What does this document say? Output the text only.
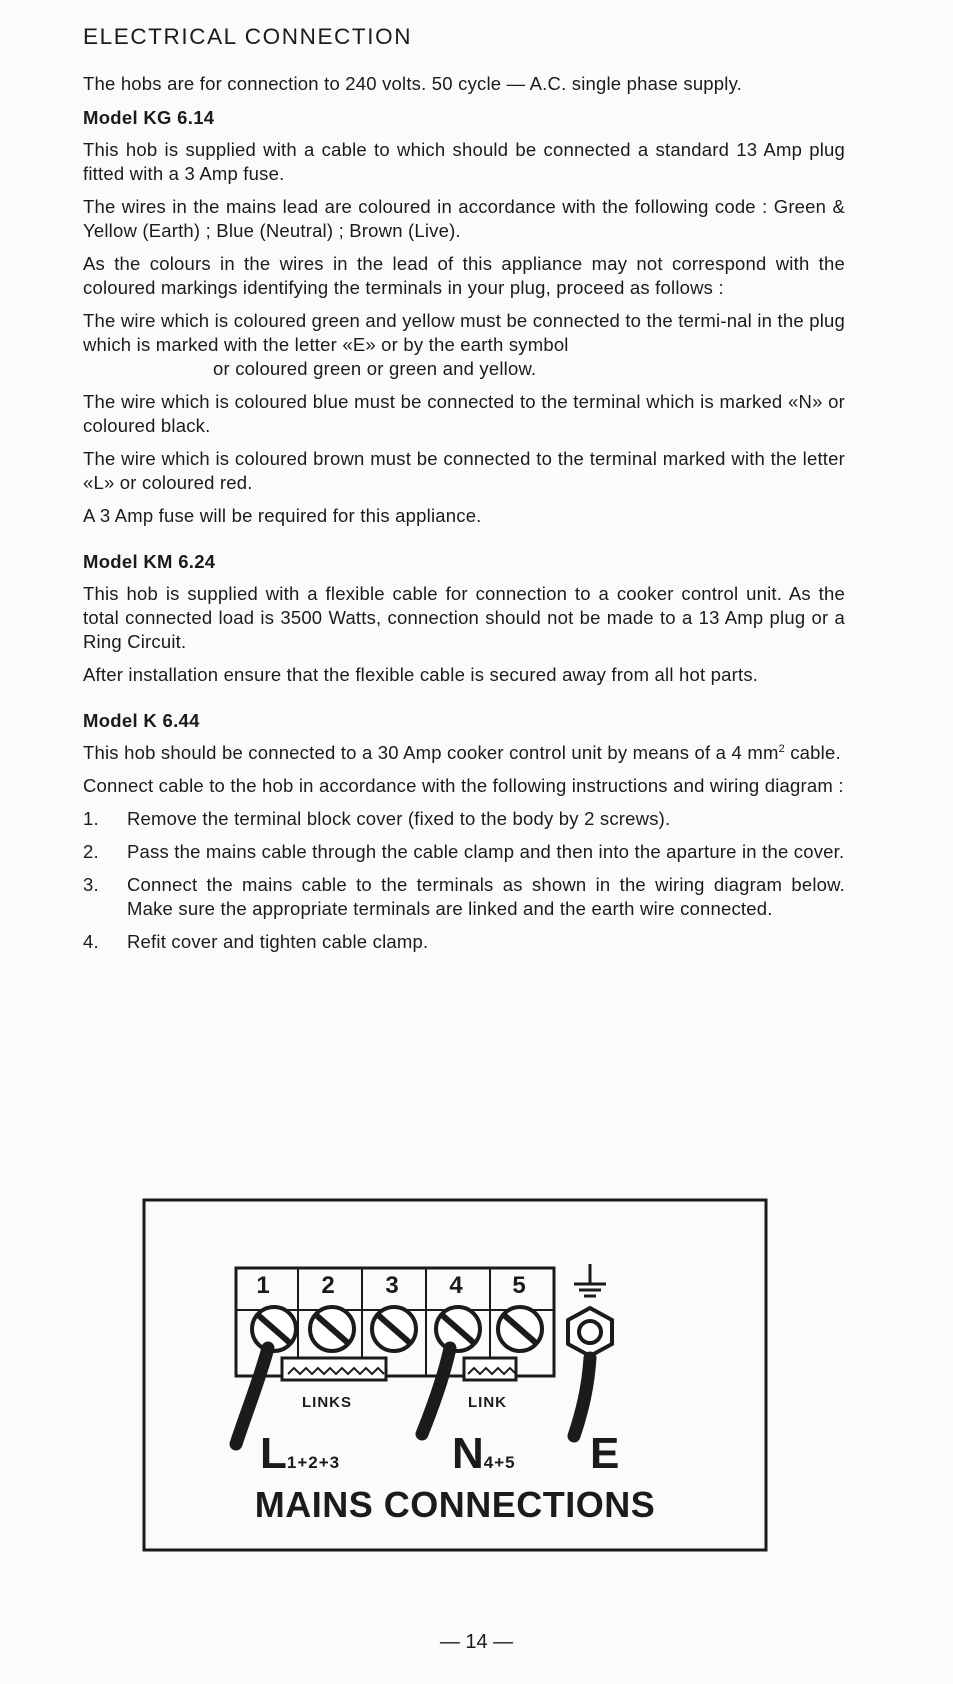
ELECTRICAL CONNECTION

The hobs are for connection to 240 volts. 50 cycle — A.C. single phase supply.

Model KG 6.14

This hob is supplied with a cable to which should be connected a standard 13 Amp plug fitted with a 3 Amp fuse.

The wires in the mains lead are coloured in accordance with the following code : Green & Yellow (Earth) ; Blue (Neutral) ; Brown (Live).

As the colours in the wires in the lead of this appliance may not correspond with the coloured markings identifying the terminals in your plug, proceed as follows :

The wire which is coloured green and yellow must be connected to the termi-nal in the plug which is marked with the letter «E» or by the earth symbol
or coloured green or green and yellow.

The wire which is coloured blue must be connected to the terminal which is marked «N» or coloured black.

The wire which is coloured brown must be connected to the terminal marked with the letter «L» or coloured red.

A 3 Amp fuse will be required for this appliance.

Model KM 6.24

This hob is supplied with a flexible cable for connection to a cooker control unit. As the total connected load is 3500 Watts, connection should not be made to a 13 Amp plug or a Ring Circuit.

After installation ensure that the flexible cable is secured away from all hot parts.

Model K 6.44

This hob should be connected to a 30 Amp cooker control unit by means of a 4 $mm^2$ cable.

Connect cable to the hob in accordance with the following instructions and wiring diagram :

1.	Remove the terminal block cover (fixed to the body by 2 screws).
2.	Pass the mains cable through the cable clamp and then into the aparture in the cover.
3.	Connect the mains cable to the terminals as shown in the wiring diagram below. Make sure the appropriate terminals are linked and the earth wire connected.
4.	Refit cover and tighten cable clamp.
1	2	3	4	5
LINKS	LINK
L1+2+3	N4+5 E
MAINS CONNECTIONS
— 14 —
